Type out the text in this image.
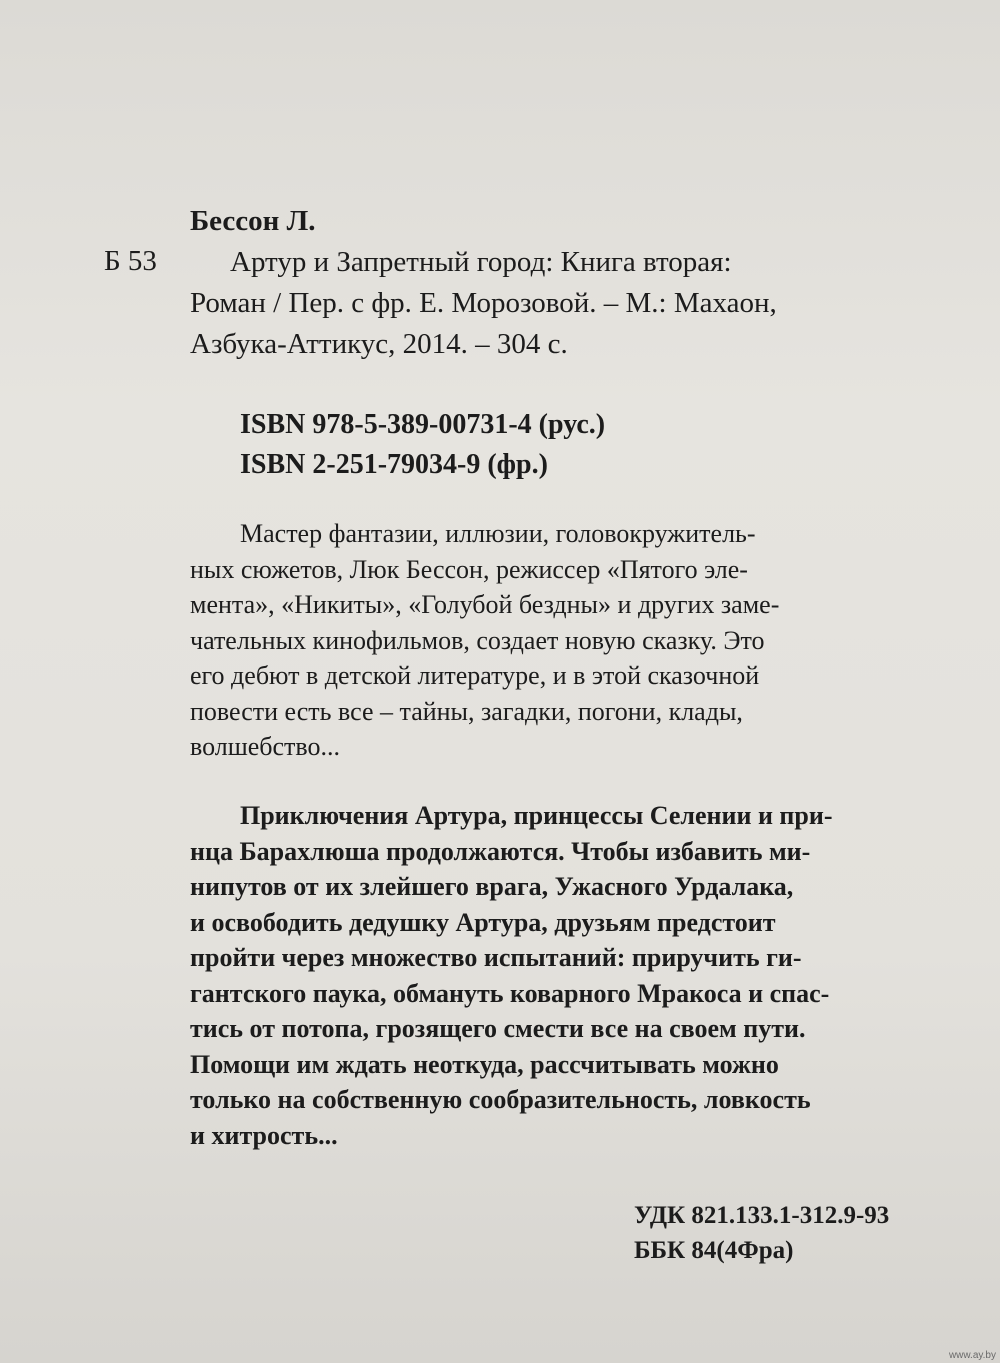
Бессон Л.
Б 53	Артур и Запретный город: Книга вторая:
Роман / Пер. с фр. Е. Морозовой. – М.: Махаон,
Азбука-Аттикус, 2014. – 304 с.
ISBN 978-5-389-00731-4 (рус.)
ISBN 2-251-79034-9 (фр.)
Мастер фантазии, иллюзии, головокружитель-
ных сюжетов, Люк Бессон, режиссер «Пятого эле-
мента», «Никиты», «Голубой бездны» и других заме-
чательных кинофильмов, создает новую сказку. Это
его дебют в детской литературе, и в этой сказочной
повести есть все – тайны, загадки, погони, клады,
волшебство...
Приключения Артура, принцессы Селении и при-
нца Барахлюша продолжаются. Чтобы избавить ми-
нипутов от их злейшего врага, Ужасного Урдалака,
и освободить дедушку Артура, друзьям предстоит
пройти через множество испытаний: приручить ги-
гантского паука, обмануть коварного Мракоса и спас-
тись от потопа, грозящего смести все на своем пути.
Помощи им ждать неоткуда, рассчитывать можно
только на собственную сообразительность, ловкость
и хитрость...
УДК 821.133.1-312.9-93
ББК 84(4Фра)
www.ay.by
